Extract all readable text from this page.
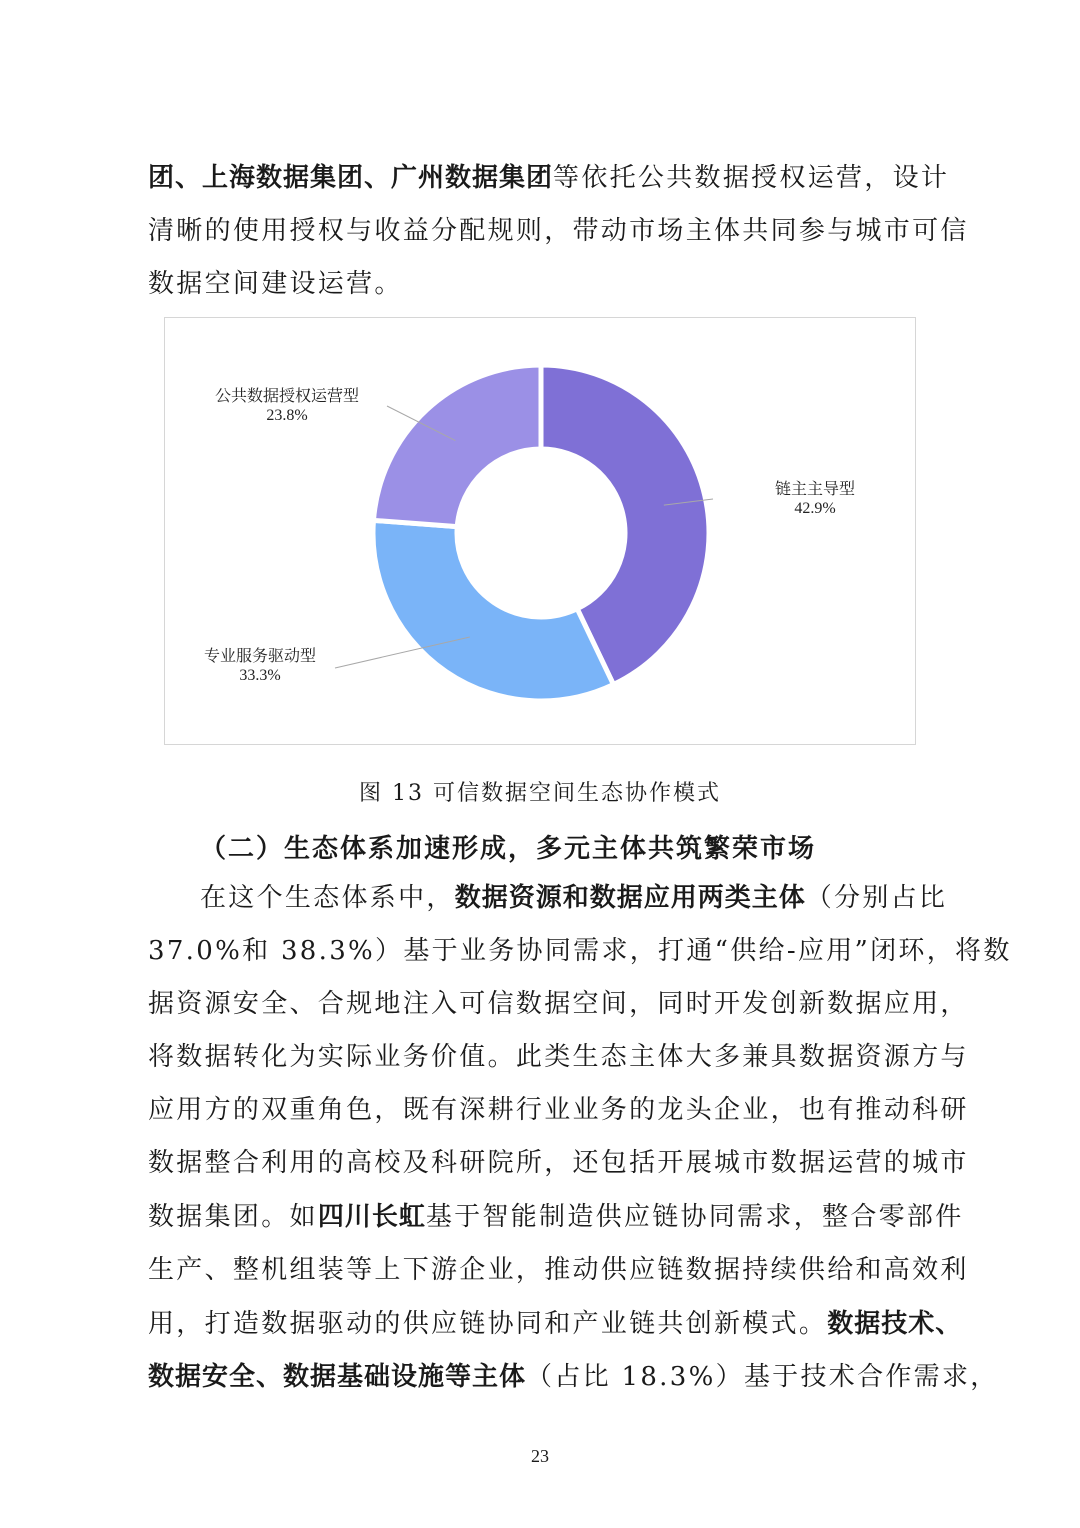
团、上海数据集团、广州数据集团等依托公共数据授权运营，设计
清晰的使用授权与收益分配规则，带动市场主体共同参与城市可信
数据空间建设运营。
公共数据授权运营型
23.8%
链主主导型
42.9%
专业服务驱动型
33.3%
图 13 可信数据空间生态协作模式
（二）生态体系加速形成，多元主体共筑繁荣市场
在这个生态体系中，数据资源和数据应用两类主体（分别占比
37.0%和 38.3%）基于业务协同需求，打通“供给-应用”闭环，将数
据资源安全、合规地注入可信数据空间，同时开发创新数据应用，
将数据转化为实际业务价值。此类生态主体大多兼具数据资源方与
应用方的双重角色，既有深耕行业业务的龙头企业，也有推动科研
数据整合利用的高校及科研院所，还包括开展城市数据运营的城市
数据集团。如四川长虹基于智能制造供应链协同需求，整合零部件
生产、整机组装等上下游企业，推动供应链数据持续供给和高效利
用，打造数据驱动的供应链协同和产业链共创新模式。数据技术、
数据安全、数据基础设施等主体（占比 18.3%）基于技术合作需求，
23
